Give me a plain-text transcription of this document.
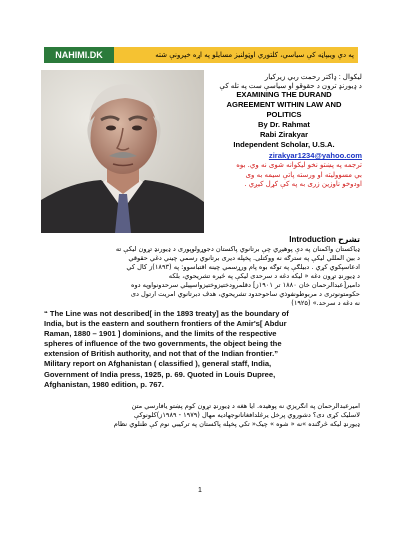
NAHIMI.DK	په دې ویبپاڼه کې سیاسي، کلتوري اوټولنیز مسایلو په اړه خپرونې شته
لیکوال : ډاکتر رحمت ربي زیرکیار
د ډیورنډ ترون د حقوقو او سیاسې ست په تله کې
EXAMINING THE DURAND
AGREEMENT WITHIN LAW AND
POLITICS
By Dr. Rahmat
Rabi Zirakyar
Independent Scholar, U.S.A.
zirakyar1234@yahoo.com
ترجمه په پښتو نخو لیکوانه شوی نه وي. بوه
بي مسوولیته او ورسته پاتې سیمه به وی
اودوخو ناوزین زری به په کې کړل کیږي .
Introduction تشرح
ډیاکستان واکمنان په دې پوهیږي چې برتانوي پاکستان دجوړولوپوری د ډیورنډ تړون لیکې ته
د بین المللي لیکې په سترګه نه ووکتلی. پخپله دیری برتانوي رسمي چیني دغي حقوقي
ادعاسپکوي کړي . دبیلګې په توګه بوه پام ورړسمي چینه اقتباسوو: په (۱۸۹۳)ز کال کي
د ډیورنډ تړون دغه « لیکه دغه د سرحدی لیکې په څیره تشریحوي، بلکه
دامیر[عبدالرحمان خان ۱۸۸۰ تر ۱۹۰۱ز] دقلمرودختیزوختیزواسپیلي سرحدونواوپه دوه
حکومتونوتری د مربوطونفوذي ساحوحدود تشریحوي، هدف دبرتانوي امریت ارتول دی
نه دغه د سرحد.» (۱۹۲۵)

“ The Line was not described[ in the 1893 treaty] as the boundary of

India, but is the eastern and southern frontiers of the Amir's[ Abdur

Raman, 1880 – 1901 ] dominions, and the limits of the respective

spheres of influence of the two governments, the object being the

extension of British authority, and not that of the Indian frontier.”

Military report on Afghanistan ( classified ), general staff, India,

Government of India press, 1925, p. 69. Quoted in Louis Dupree,

Afghanistan, 1980 edition, p. 767.

امیرعبدالرحمان په انګریزي نه پوهیده. ایا هغه د ډیورنډ تړون کوم پښتو یافارسي متن
لاسلیک کړی دی؟ دشوروي پرخل یرغلدافغانانوجهادیه مهال (۱۹۷۹ - ۱۹۸۹ز)کلونوکې
ډیورنډ لیکه څرګنده »نه « شوه » چیک« تکي پخپله پاکستان په ترکیبي نوم کې طنلوي نظام
1
